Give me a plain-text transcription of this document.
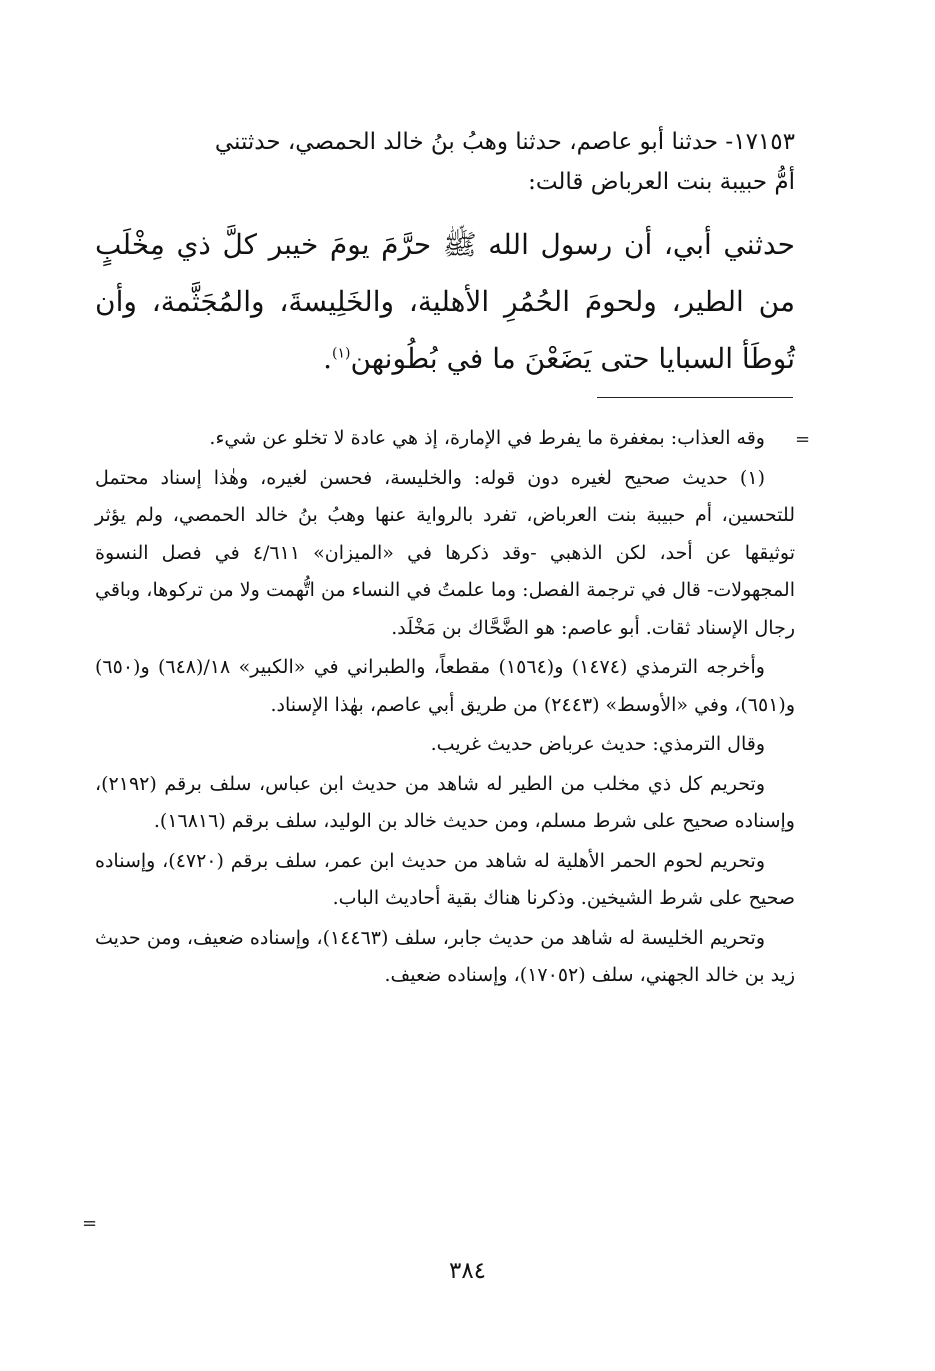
١٧١٥٣- حدثنا أبو عاصم، حدثنا وهبُ بنُ خالد الحمصي، حدثتني

أمُّ حبيبة بنت العرباض قالت:

حدثني أبي، أن رسول الله ﷺ حرَّمَ يومَ خيبر كلَّ ذي مِخْلَبٍ من الطير، ولحومَ الحُمُرِ الأهلية، والخَلِيسةَ، والمُجَثَّمة، وأن تُوطَأ السبايا حتى يَضَعْنَ ما في بُطُونهن$^{(١)}$.

=

وقه العذاب: بمغفرة ما يفرط في الإمارة، إذ هي عادة لا تخلو عن شيء.

(١) حديث صحيح لغيره دون قوله: والخليسة، فحسن لغيره، وهٰذا إسناد محتمل للتحسين، أم حبيبة بنت العرباض، تفرد بالرواية عنها وهبُ بنُ خالد الحمصي، ولم يؤثر توثيقها عن أحد، لكن الذهبي -وقد ذكرها في «الميزان» ٤/٦١١ في فصل النسوة المجهولات- قال في ترجمة الفصل: وما علمتُ في النساء من اتُّهمت ولا من تركوها، وباقي رجال الإسناد ثقات. أبو عاصم: هو الضَّحَّاك بن مَخْلَد.

وأخرجه الترمذي (١٤٧٤) و(١٥٦٤) مقطعاً، والطبراني في «الكبير» ١٨/(٦٤٨) و(٦٥٠) و(٦٥١)، وفي «الأوسط» (٢٤٤٣) من طريق أبي عاصم، بهٰذا الإسناد.

وقال الترمذي: حديث عرباض حديث غريب.

وتحريم كل ذي مخلب من الطير له شاهد من حديث ابن عباس، سلف برقم (٢١٩٢)، وإسناده صحيح على شرط مسلم، ومن حديث خالد بن الوليد، سلف برقم (١٦٨١٦).

وتحريم لحوم الحمر الأهلية له شاهد من حديث ابن عمر، سلف برقم (٤٧٢٠)، وإسناده صحيح على شرط الشيخين. وذكرنا هناك بقية أحاديث الباب.

وتحريم الخليسة له شاهد من حديث جابر، سلف (١٤٤٦٣)، وإسناده ضعيف، ومن حديث زيد بن خالد الجهني، سلف (١٧٠٥٢)، وإسناده ضعيف.

=
٣٨٤
